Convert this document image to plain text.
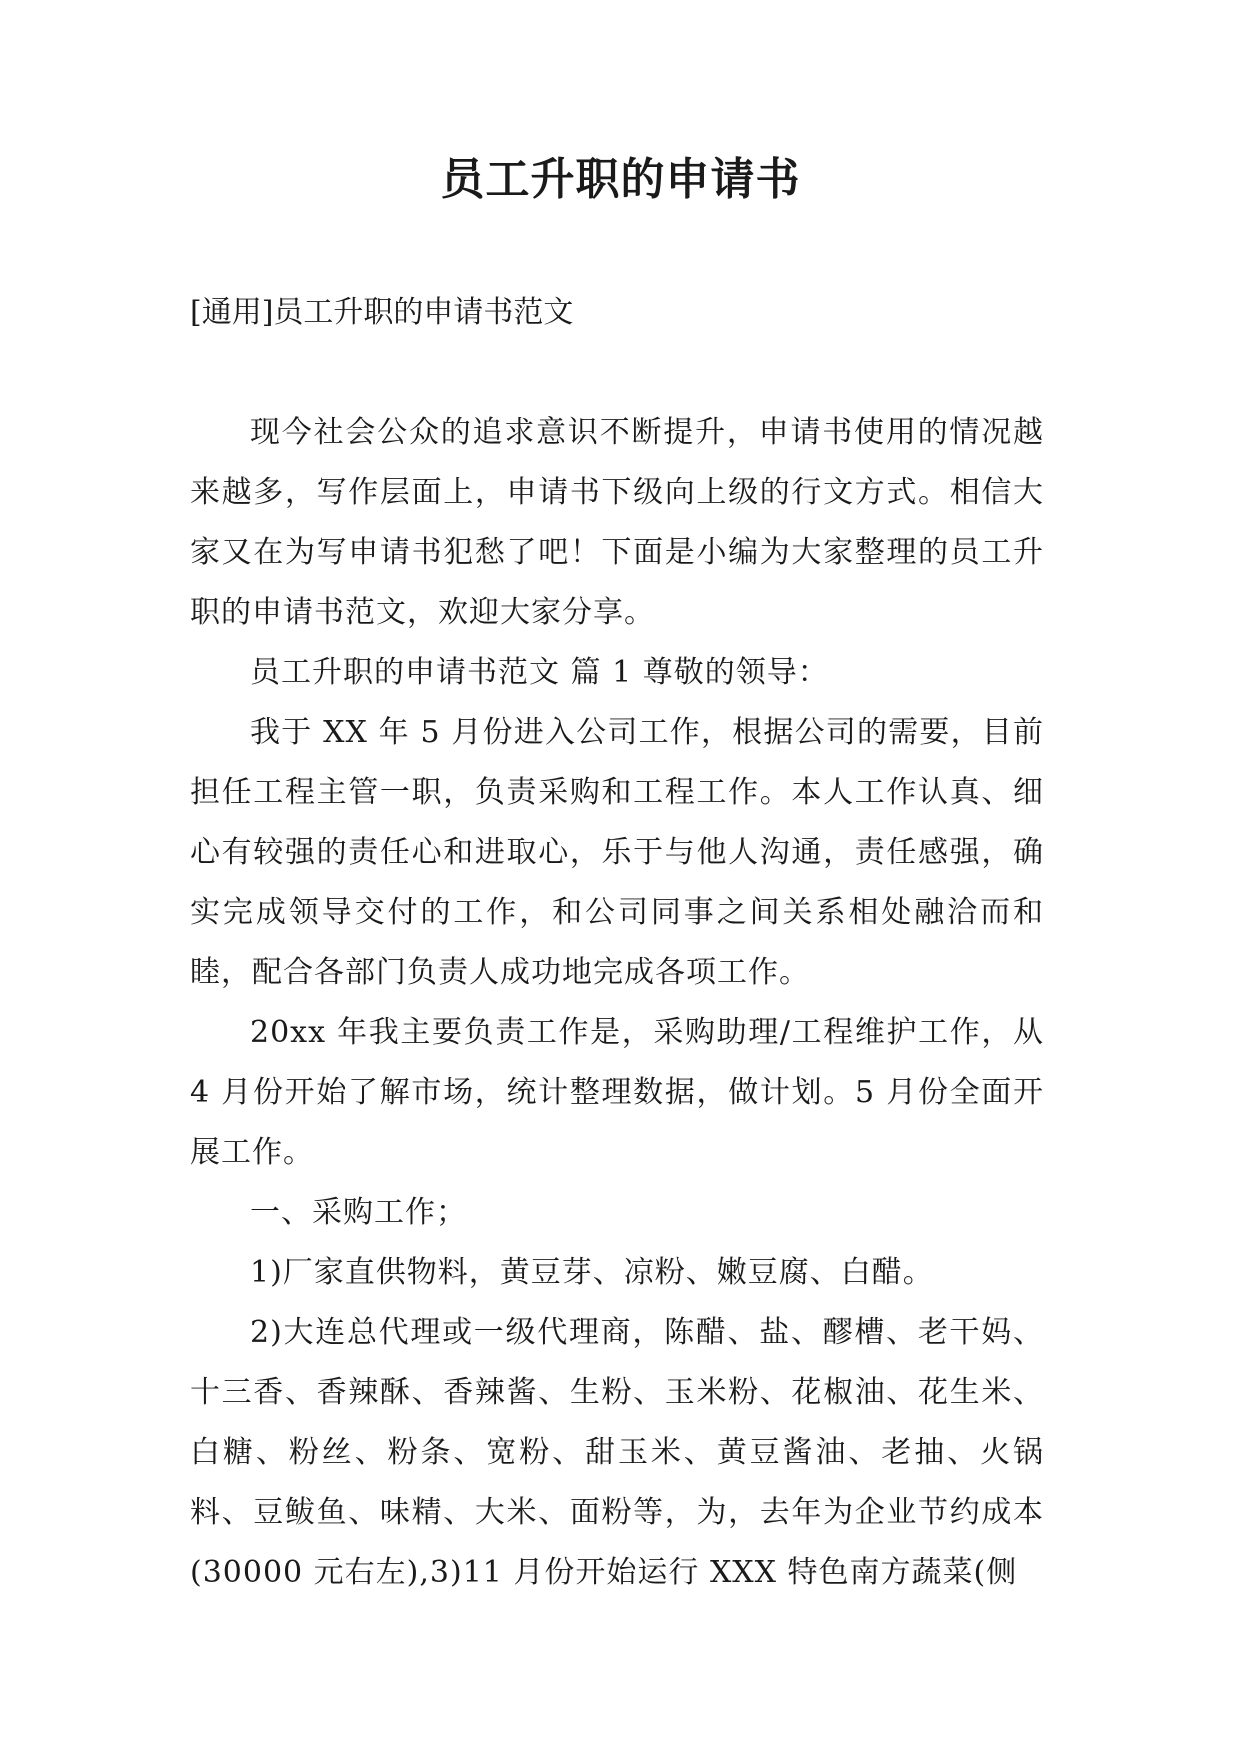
员工升职的申请书

[通用]员工升职的申请书范文

现今社会公众的追求意识不断提升，申请书使用的情况越来越多，写作层面上，申请书下级向上级的行文方式。相信大家又在为写申请书犯愁了吧！下面是小编为大家整理的员工升职的申请书范文，欢迎大家分享。

员工升职的申请书范文 篇 1 尊敬的领导：

我于 XX 年 5 月份进入公司工作，根据公司的需要，目前担任工程主管一职，负责采购和工程工作。本人工作认真、细心有较强的责任心和进取心，乐于与他人沟通，责任感强，确实完成领导交付的工作，和公司同事之间关系相处融洽而和睦，配合各部门负责人成功地完成各项工作。

20xx 年我主要负责工作是，采购助理/工程维护工作，从 4 月份开始了解市场，统计整理数据，做计划。5 月份全面开展工作。

一、采购工作；

1)厂家直供物料，黄豆芽、凉粉、嫩豆腐、白醋。

2)大连总代理或一级代理商，陈醋、盐、醪槽、老干妈、十三香、香辣酥、香辣酱、生粉、玉米粉、花椒油、花生米、白糖、粉丝、粉条、宽粉、甜玉米、黄豆酱油、老抽、火锅料、豆鲅鱼、味精、大米、面粉等，为，去年为企业节约成本(30000 元右左),3)11 月份开始运行 XXX 特色南方蔬菜(侧
